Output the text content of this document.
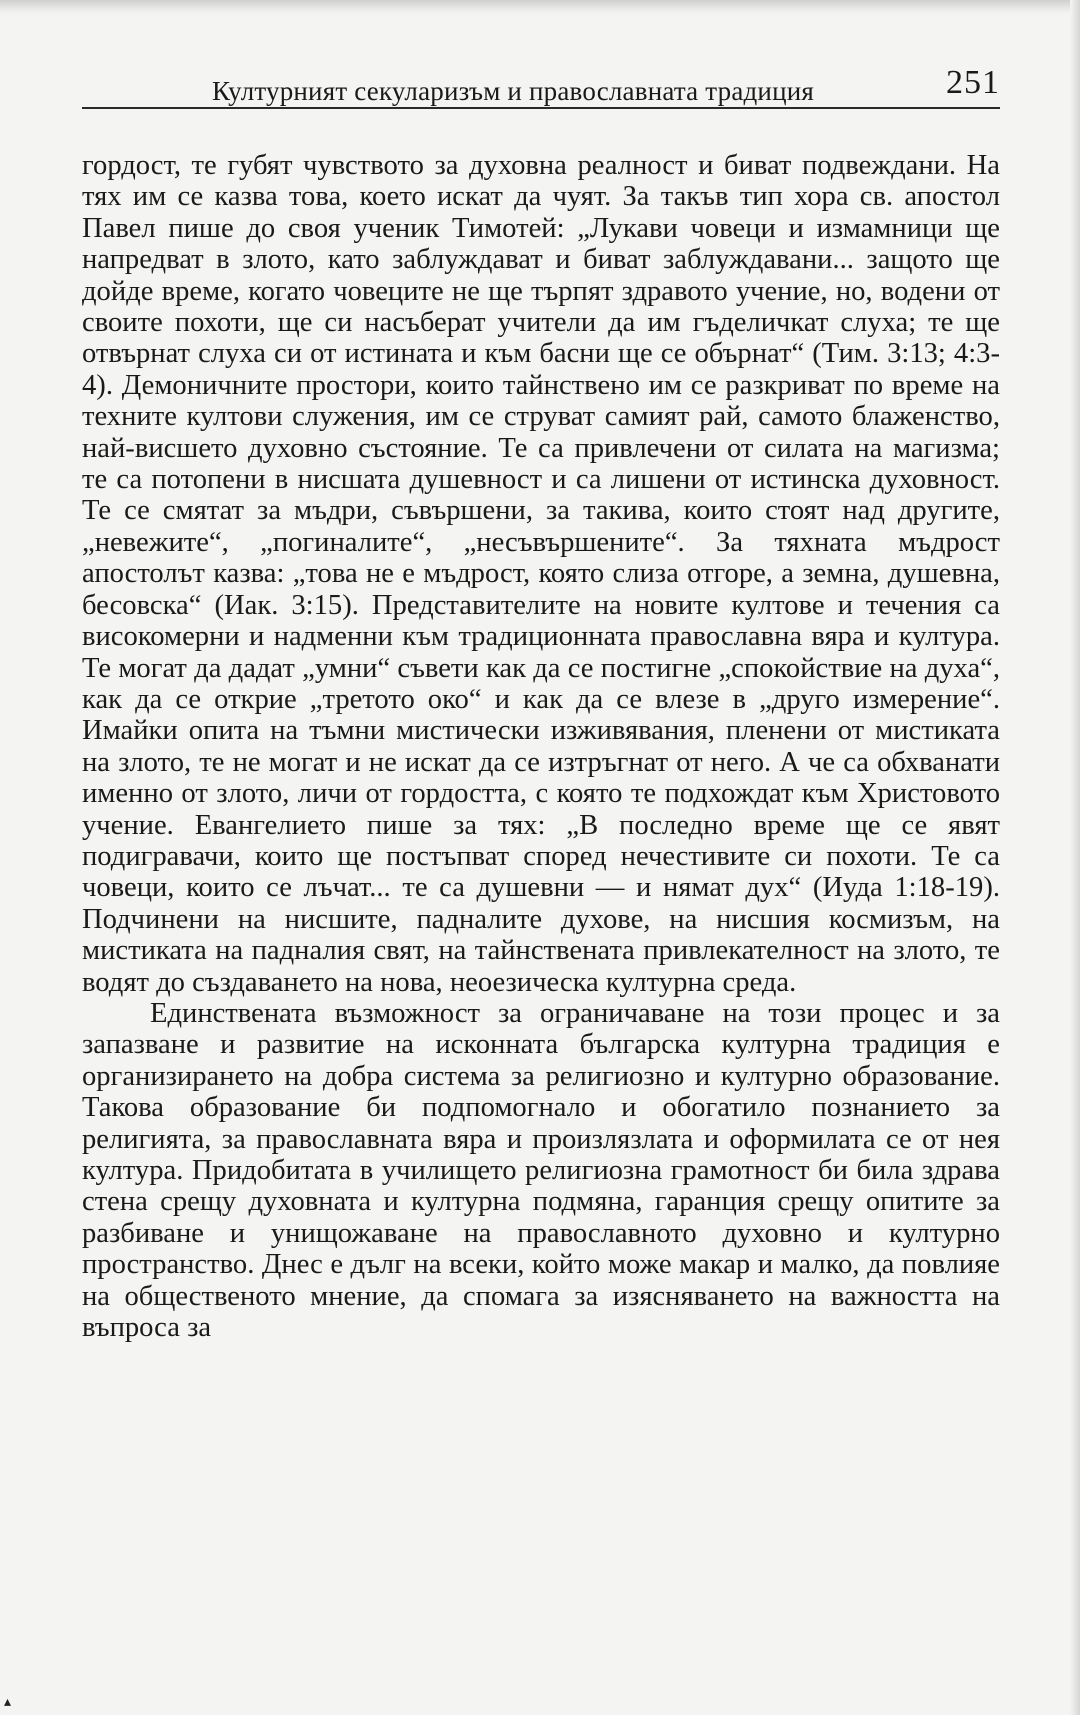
Културният секуларизъм и православната традиция	251

гордост, те губят чувството за духовна реалност и биват подвеждани. На тях им се казва това, което искат да чуят. За такъв тип хора св. апостол Павел пише до своя ученик Тимотей: „Лукави човеци и измамници ще напредват в злото, като заблуждават и биват заблуждавани... защото ще дойде време, когато човеците не ще търпят здравото учение, но, водени от своите похоти, ще си насъберат учители да им гъделичкат слуха; те ще отвърнат слуха си от истината и към басни ще се обърнат“ (Тим. 3:13; 4:3-4). Демоничните простори, които тайнствено им се разкриват по време на техните култови служения, им се струват самият рай, самото блаженство, най-висшето духовно състояние. Те са привлечени от силата на магизма; те са потопени в нисшата душевност и са лишени от истинска духовност. Те се смятат за мъдри, съвършени, за такива, които стоят над другите, „невежите“, „погиналите“, „несъвършените“. За тяхната мъдрост апостолът казва: „това не е мъдрост, която слиза отгоре, а земна, душевна, бесовска“ (Иак. 3:15). Представителите на новите култове и течения са високомерни и надменни към традиционната православна вяра и култура. Те могат да дадат „умни“ съвети как да се постигне „спокойствие на духа“, как да се открие „третото око“ и как да се влезе в „друго измерение“. Имайки опита на тъмни мистически изживявания, пленени от мистиката на злото, те не могат и не искат да се изтръгнат от него. А че са обхванати именно от злото, личи от гордостта, с която те подхождат към Христовото учение. Евангелието пише за тях: „В последно време ще се явят подигравачи, които ще постъпват според нечестивите си похоти. Те са човеци, които се лъчат... те са душевни — и нямат дух“ (Иуда 1:18-19). Подчинени на нисшите, падналите духове, на нисшия космизъм, на мистиката на падналия свят, на тайнствената привлекателност на злото, те водят до създаването на нова, неоезическа културна среда.

Единствената възможност за ограничаване на този процес и за запазване и развитие на исконната българска културна традиция е организирането на добра система за религиозно и културно образование. Такова образование би подпомогнало и обогатило познанието за религията, за православната вяра и произлязлата и оформилата се от нея култура. Придобитата в училището религиозна грамотност би била здрава стена срещу духовната и културна подмяна, гаранция срещу опитите за разбиване и унищожаване на православното духовно и културно пространство. Днес е дълг на всеки, който може макар и малко, да повлияе на общественото мнение, да спомага за изясняването на важността на въпроса за

▴
